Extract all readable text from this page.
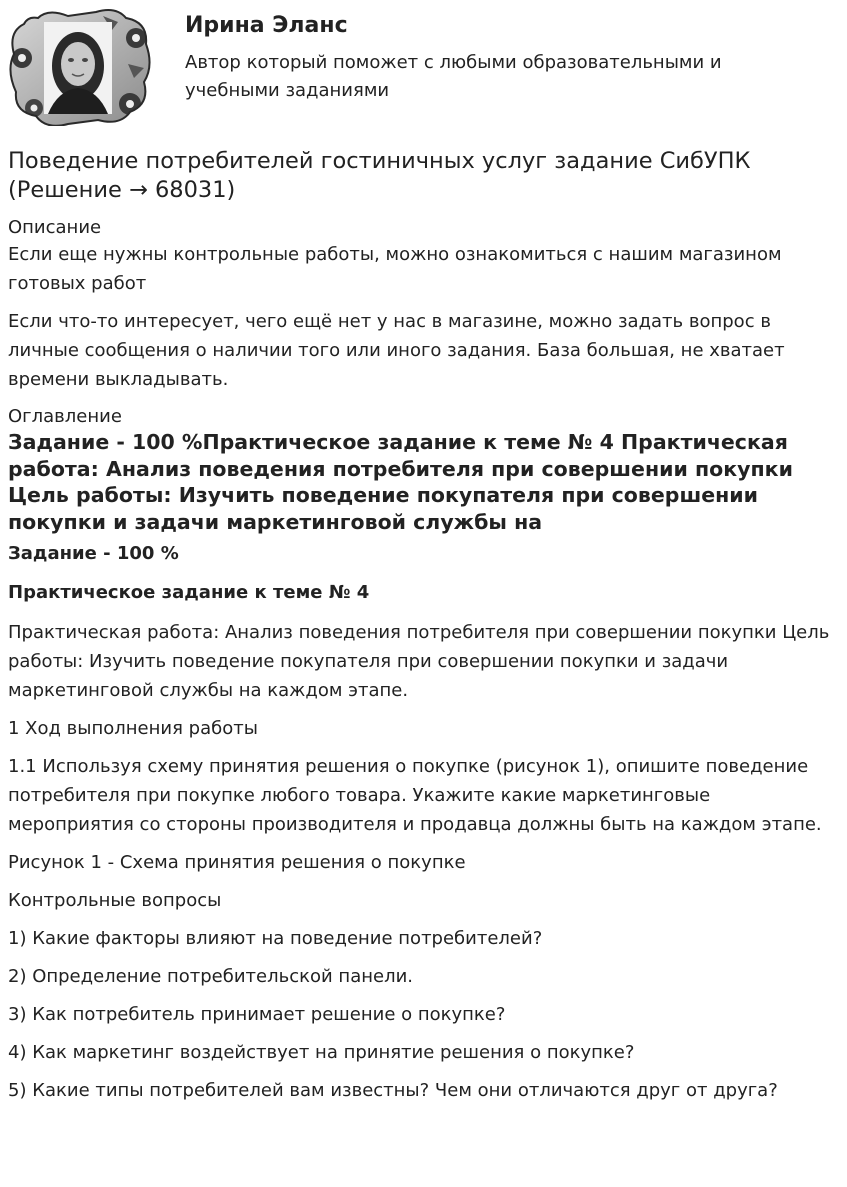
Ирина Эланс

Автор который поможет с любыми образовательными и учебными заданиями

Поведение потребителей гостиничных услуг задание СибУПК (Решение → 68031)
Описание

Если еще нужны контрольные работы, можно ознакомиться с нашим магазином готовых работ

Если что-то интересует, чего ещё нет у нас в магазине, можно задать вопрос в личные сообщения о наличии того или иного задания. База большая, не хватает времени выкладывать.

Оглавление
Задание - 100 %Практическое задание к теме № 4 Практическая работа: Анализ поведения потребителя при совершении покупки Цель работы: Изучить поведение покупателя при совершении покупки и задачи маркетинговой службы на

Задание - 100 %

Практическое задание к теме № 4

Практическая работа: Анализ поведения потребителя при совершении покупки Цель работы: Изучить поведение покупателя при совершении покупки и задачи маркетинговой службы на каждом этапе.

1 Ход выполнения работы

1.1 Используя схему принятия решения о покупке (рисунок 1), опишите поведение потребителя при покупке любого товара. Укажите какие маркетинговые мероприятия со стороны производителя и продавца должны быть на каждом этапе.

Рисунок 1 - Схема принятия решения о покупке

Контрольные вопросы

1) Какие факторы влияют на поведение потребителей?

2) Определение потребительской панели.

3) Как потребитель принимает решение о покупке?

4) Как маркетинг воздействует на принятие решения о покупке?

5) Какие типы потребителей вам известны? Чем они отличаются друг от друга?
